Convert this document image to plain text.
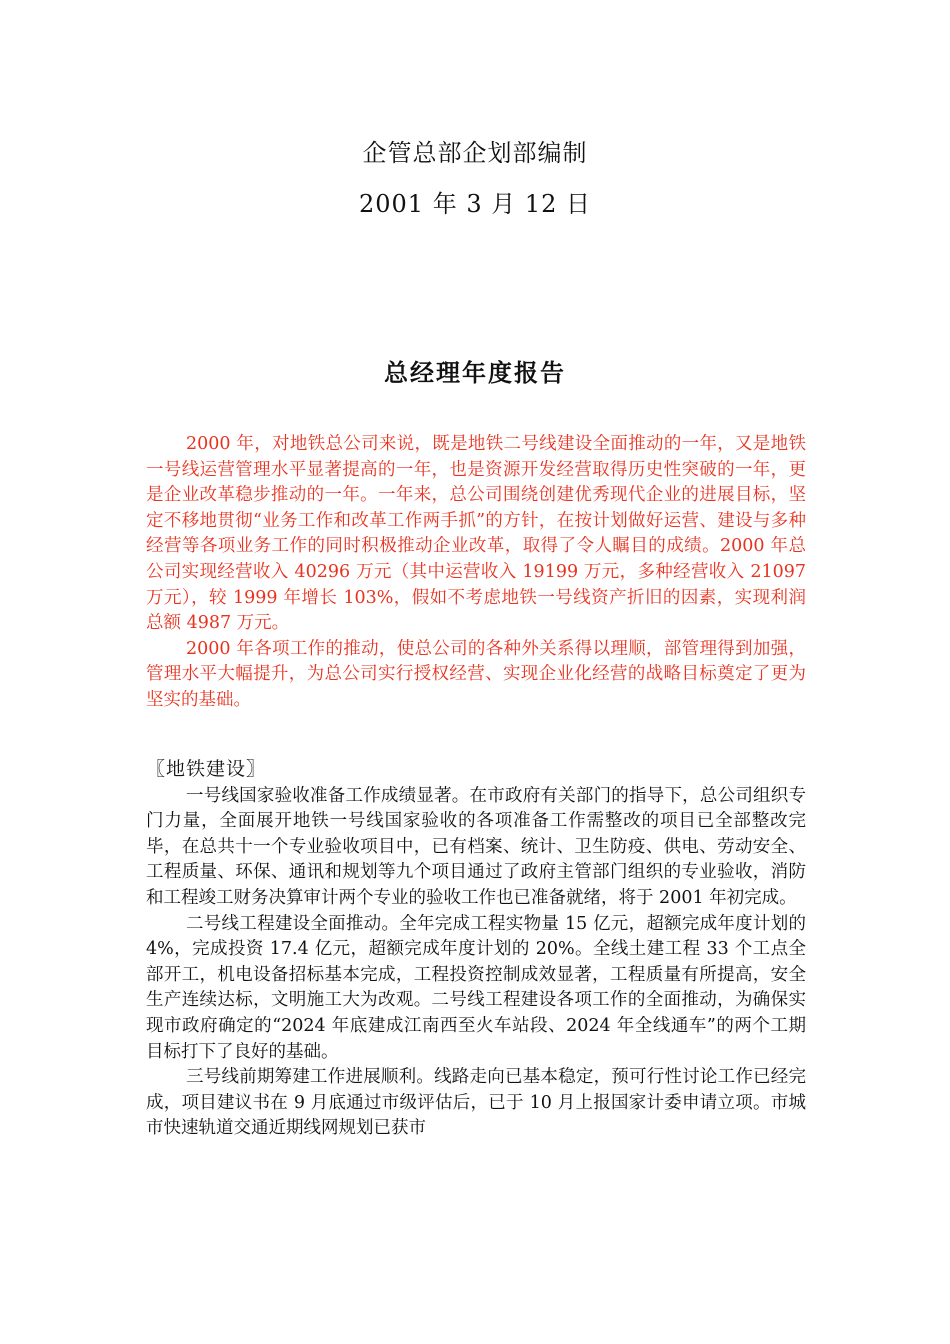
企管总部企划部编制
2001 年 3 月 12 日
总经理年度报告

2000 年，对地铁总公司来说，既是地铁二号线建设全面推动的一年，又是地铁一号线运营管理水平显著提高的一年，也是资源开发经营取得历史性突破的一年，更是企业改革稳步推动的一年。一年来，总公司围绕创建优秀现代企业的进展目标，坚定不移地贯彻“业务工作和改革工作两手抓”的方针，在按计划做好运营、建设与多种经营等各项业务工作的同时积极推动企业改革，取得了令人瞩目的成绩。2000 年总公司实现经营收入 40296 万元（其中运营收入 19199 万元，多种经营收入 21097 万元），较 1999 年增长 103%，假如不考虑地铁一号线资产折旧的因素，实现利润总额 4987 万元。

2000 年各项工作的推动，使总公司的各种外关系得以理顺，部管理得到加强，管理水平大幅提升，为总公司实行授权经营、实现企业化经营的战略目标奠定了更为坚实的基础。

〖地铁建设〗

一号线国家验收准备工作成绩显著。在市政府有关部门的指导下，总公司组织专门力量，全面展开地铁一号线国家验收的各项准备工作需整改的项目已全部整改完毕，在总共十一个专业验收项目中，已有档案、统计、卫生防疫、供电、劳动安全、工程质量、环保、通讯和规划等九个项目通过了政府主管部门组织的专业验收，消防和工程竣工财务决算审计两个专业的验收工作也已准备就绪，将于 2001 年初完成。

二号线工程建设全面推动。全年完成工程实物量 15 亿元，超额完成年度计划的 4%，完成投资 17.4 亿元，超额完成年度计划的 20%。全线土建工程 33 个工点全部开工，机电设备招标基本完成，工程投资控制成效显著，工程质量有所提高，安全生产连续达标，文明施工大为改观。二号线工程建设各项工作的全面推动，为确保实现市政府确定的“2024 年底建成江南西至火车站段、2024 年全线通车”的两个工期目标打下了良好的基础。

三号线前期筹建工作进展顺利。线路走向已基本稳定，预可行性讨论工作已经完成，项目建议书在 9 月底通过市级评估后，已于 10 月上报国家计委申请立项。市城市快速轨道交通近期线网规划已获市
